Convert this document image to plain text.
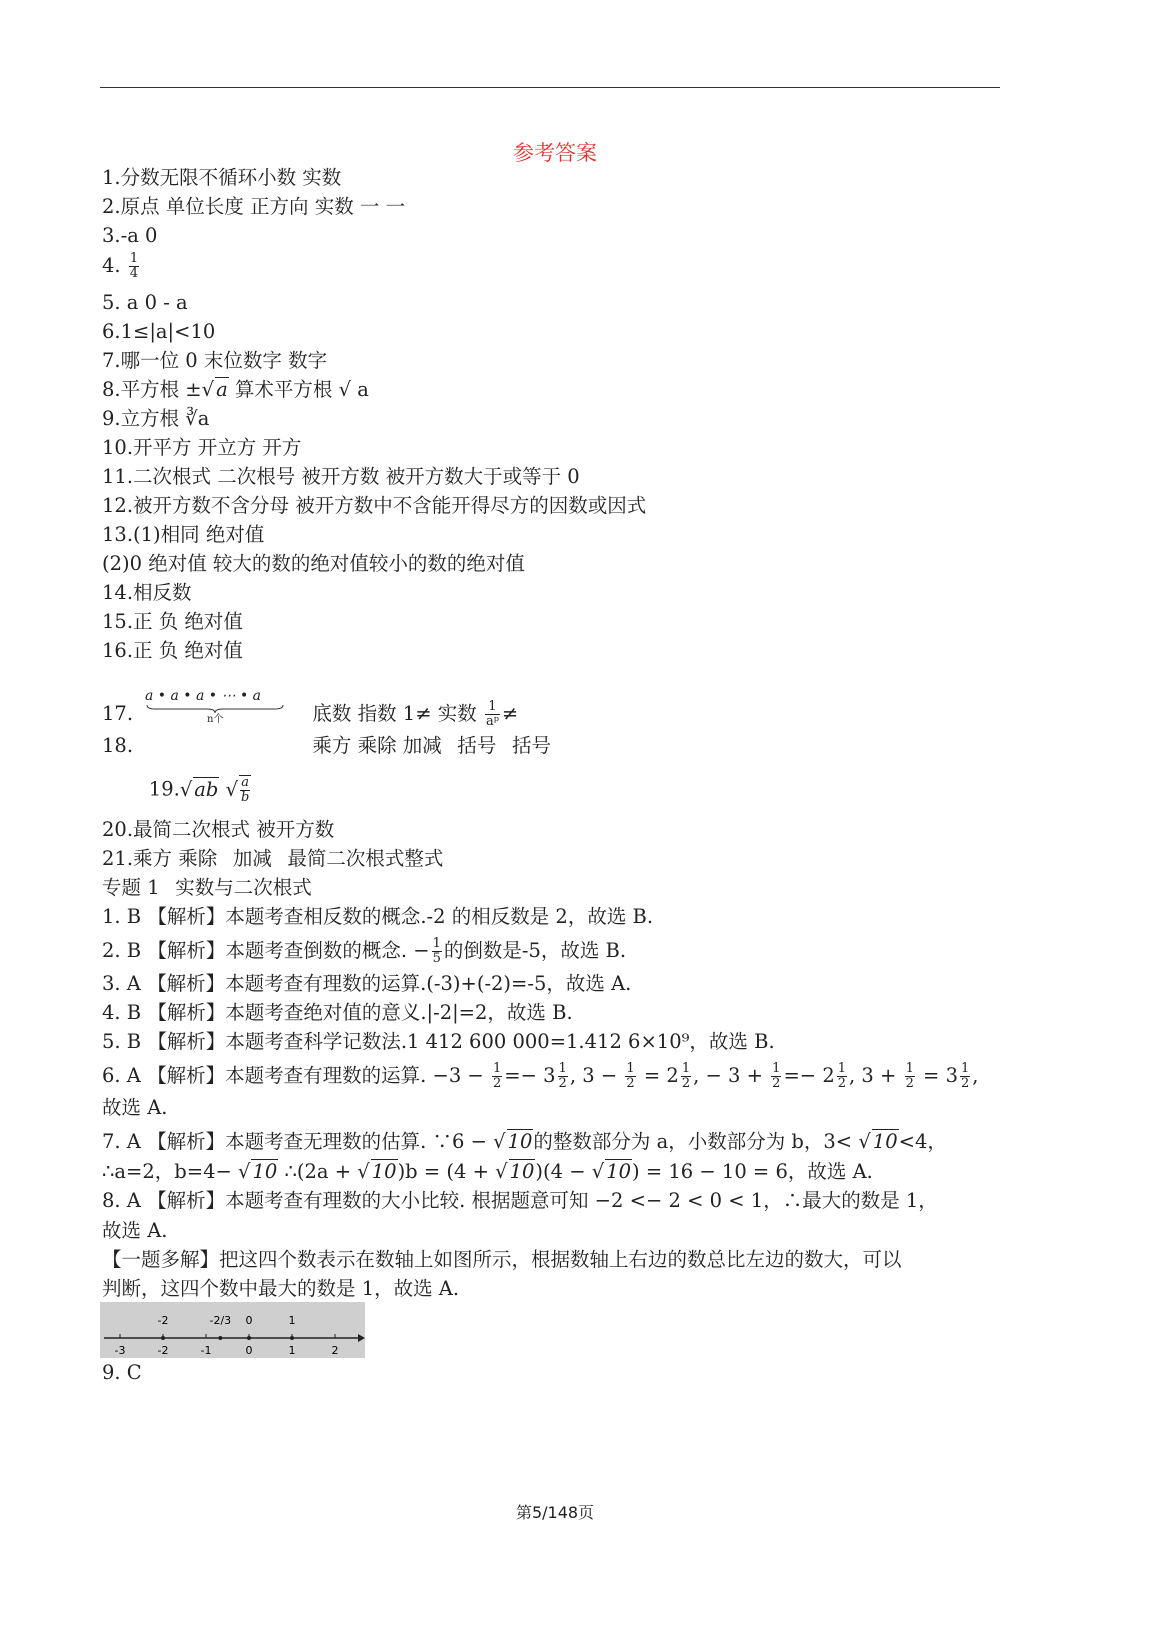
参考答案
1.分数无限不循环小数 实数
2.原点 单位长度 正方向 实数 一 一
3.-a 0
4. $\frac{1}{4}$
5. a 0 - a
6.1≤|a|<10
7.哪一位 0 末位数字 数字
8.平方根 ±√ a 算术平方根 √ a
9.立方根 ∛a
10.开平方 开立方 开方
11.二次根式 二次根号 被开方数 被开方数大于或等于 0
12.被开方数不含分母 被开方数中不含能开得尽方的因数或因式
13.(1)相同 绝对值
(2)0 绝对值 较大的数的绝对值较小的数的绝对值
14.相反数
15.正 负 绝对值
16.正 负 绝对值
17.	底数 指数 1≠ 实数 $\frac{1}{\text{aᵖ}}$ ≠
18.	乘方 乘除 加减 括号 括号
19.√ ab √ $\frac{a}{b}$
20.最简二次根式 被开方数
21.乘方 乘除 加减 最简二次根式整式
专题 1 实数与二次根式
1. B 【解析】本题考查相反数的概念.-2 的相反数是 2，故选 B.
2. B 【解析】本题考查倒数的概念. − $\frac{1}{5}$ 的倒数是-5，故选 B.
3. A 【解析】本题考查有理数的运算.(-3)+(-2)=-5，故选 A.
4. B 【解析】本题考查绝对值的意义.|-2|=2，故选 B.
5. B 【解析】本题考查科学记数法.1 412 600 000=1.412 6×10⁹，故选 B.
6. A 【解析】本题考查有理数的运算. $-3 - \frac{1}{2} =- 3 \frac{1}{2}$ , $3 - \frac{1}{2} = 2 \frac{1}{2}$ , − $3 + \frac{1}{2} =- 2 \frac{1}{2}$ , $3 + \frac{1}{2} = 3 \frac{1}{2}$ ,
故选 A.
7. A 【解析】本题考查无理数的估算. ∵6 − √ 10的整数部分为 a，小数部分为 b，3< √ 10<4，
∴a=2，b=4− √ 10 ∴(2a + √ 10)b = (4 + √ 10)(4 − √ 10) = 16 − 10 = 6，故选 A.
8. A 【解析】本题考查有理数的大小比较. 根据题意可知 −2 <− 2 < 0 < 1，∴最大的数是 1，
故选 A.
【一题多解】把这四个数表示在数轴上如图所示，根据数轴上右边的数总比左边的数大，可以
判断，这四个数中最大的数是 1，故选 A.
9. C
a • a • a • ⋯ • a
n个
-3	-2	-1	0	1	2
-2	-2/3 0	1
第5/148页
